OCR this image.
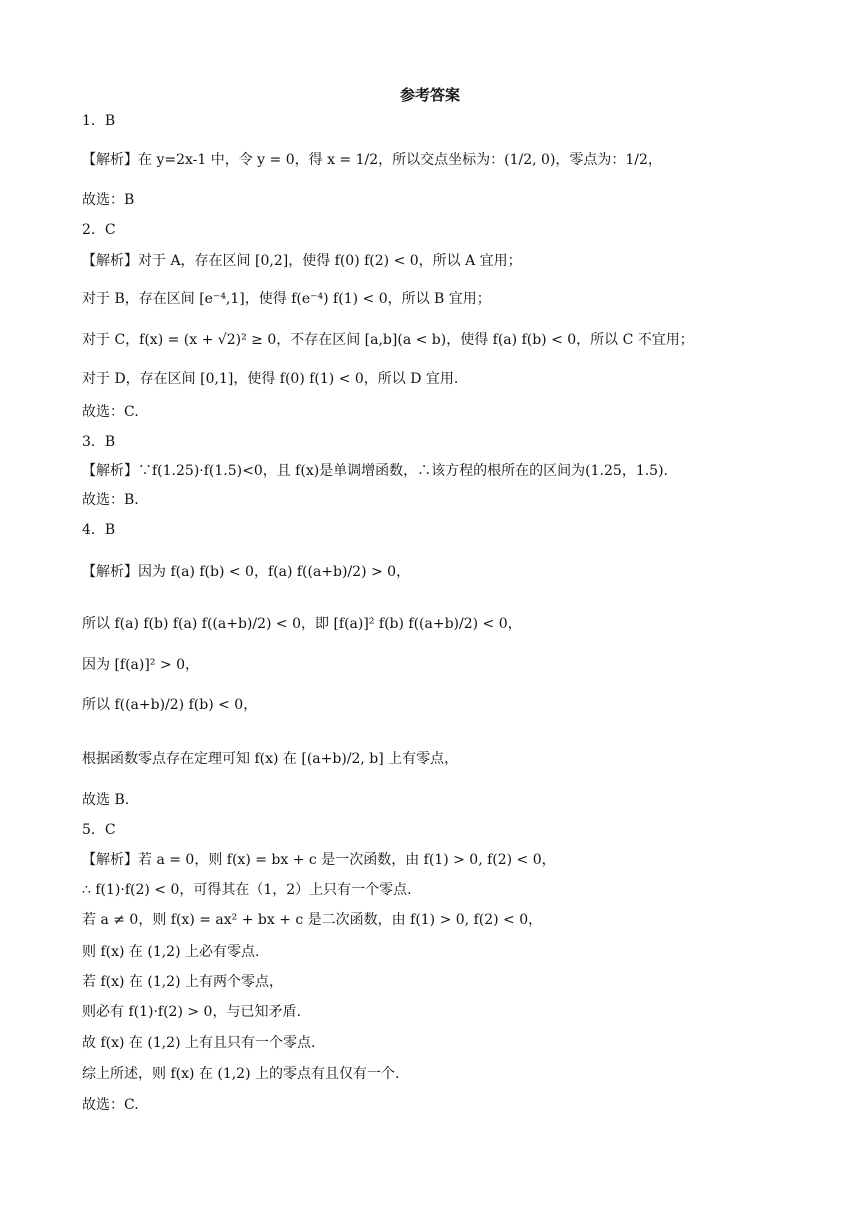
参考答案
1．B
【解析】在 y=2x-1 中，令 y = 0，得 x = 1/2，所以交点坐标为：(1/2, 0)，零点为：1/2，
故选：B
2．C
【解析】对于 A，存在区间 [0,2]，使得 f(0) f(2) < 0，所以 A 宜用；
对于 B，存在区间 [e⁻⁴,1]，使得 f(e⁻⁴) f(1) < 0，所以 B 宜用；
对于 C，f(x) = (x + √2)² ≥ 0，不存在区间 [a,b](a < b)，使得 f(a) f(b) < 0，所以 C 不宜用；
对于 D，存在区间 [0,1]，使得 f(0) f(1) < 0，所以 D 宜用.
故选：C.
3．B
【解析】∵f(1.25)·f(1.5)<0，且 f(x)是单调增函数，∴该方程的根所在的区间为(1.25，1.5).
故选：B.
4．B
【解析】因为 f(a) f(b) < 0，f(a) f((a+b)/2) > 0，
所以 f(a) f(b) f(a) f((a+b)/2) < 0，即 [f(a)]² f(b) f((a+b)/2) < 0，
因为 [f(a)]² > 0，
所以 f((a+b)/2) f(b) < 0，
根据函数零点存在定理可知 f(x) 在 [(a+b)/2, b] 上有零点，
故选 B.
5．C
【解析】若 a = 0，则 f(x) = bx + c 是一次函数，由 f(1) > 0, f(2) < 0，
∴ f(1)·f(2) < 0，可得其在（1，2）上只有一个零点.
若 a ≠ 0，则 f(x) = ax² + bx + c 是二次函数，由 f(1) > 0, f(2) < 0，
则 f(x) 在 (1,2) 上必有零点.
若 f(x) 在 (1,2) 上有两个零点，
则必有 f(1)·f(2) > 0，与已知矛盾.
故 f(x) 在 (1,2) 上有且只有一个零点.
综上所述，则 f(x) 在 (1,2) 上的零点有且仅有一个.
故选：C.
